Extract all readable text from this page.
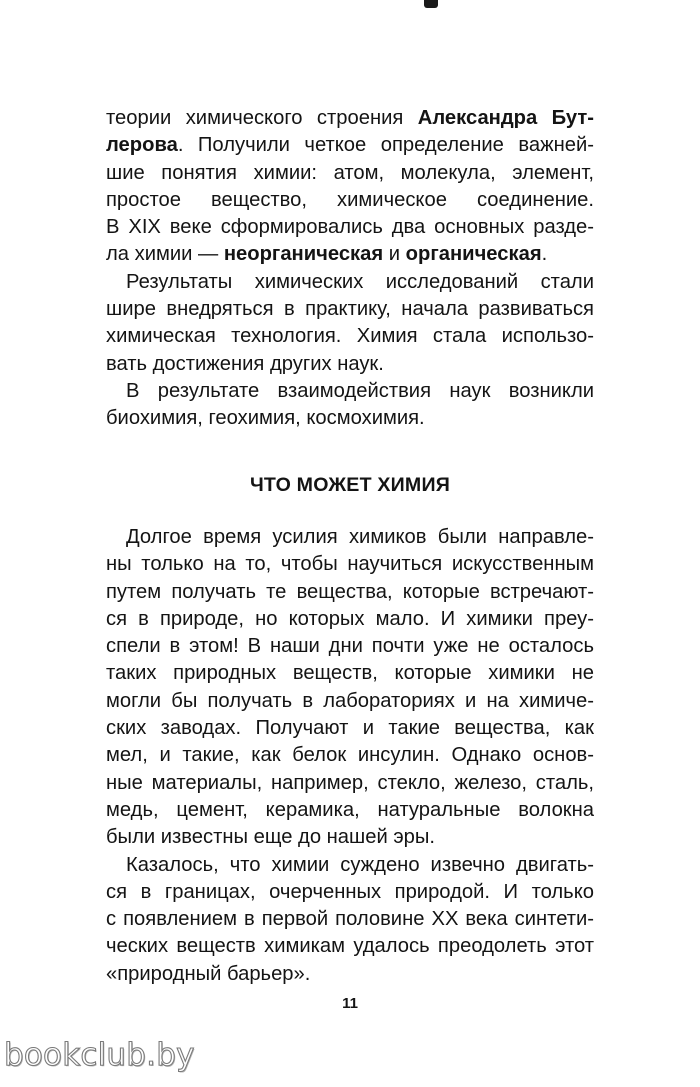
теории химического строения Александра Бут-
лерова. Получили четкое определение важней-
шие понятия химии: атом, молекула, элемент,
простое вещество, химическое соединение.
В XIX веке сформировались два основных разде-
ла химии — неорганическая и органическая.
Результаты химических исследований стали
шире внедряться в практику, начала развиваться
химическая технология. Химия стала использо-
вать достижения других наук.
В результате взаимодействия наук возникли
биохимия, геохимия, космохимия.
ЧТО МОЖЕТ ХИМИЯ
Долгое время усилия химиков были направле-
ны только на то, чтобы научиться искусственным
путем получать те вещества, которые встречают-
ся в природе, но которых мало. И химики преу-
спели в этом! В наши дни почти уже не осталось
таких природных веществ, которые химики не
могли бы получать в лабораториях и на химиче-
ских заводах. Получают и такие вещества, как
мел, и такие, как белок инсулин. Однако основ-
ные материалы, например, стекло, железо, сталь,
медь, цемент, керамика, натуральные волокна
были известны еще до нашей эры.
Казалось, что химии суждено извечно двигать-
ся в границах, очерченных природой. И только
с появлением в первой половине XX века синтети-
ческих веществ химикам удалось преодолеть этот
«природный барьер».
11
bookclub.by
